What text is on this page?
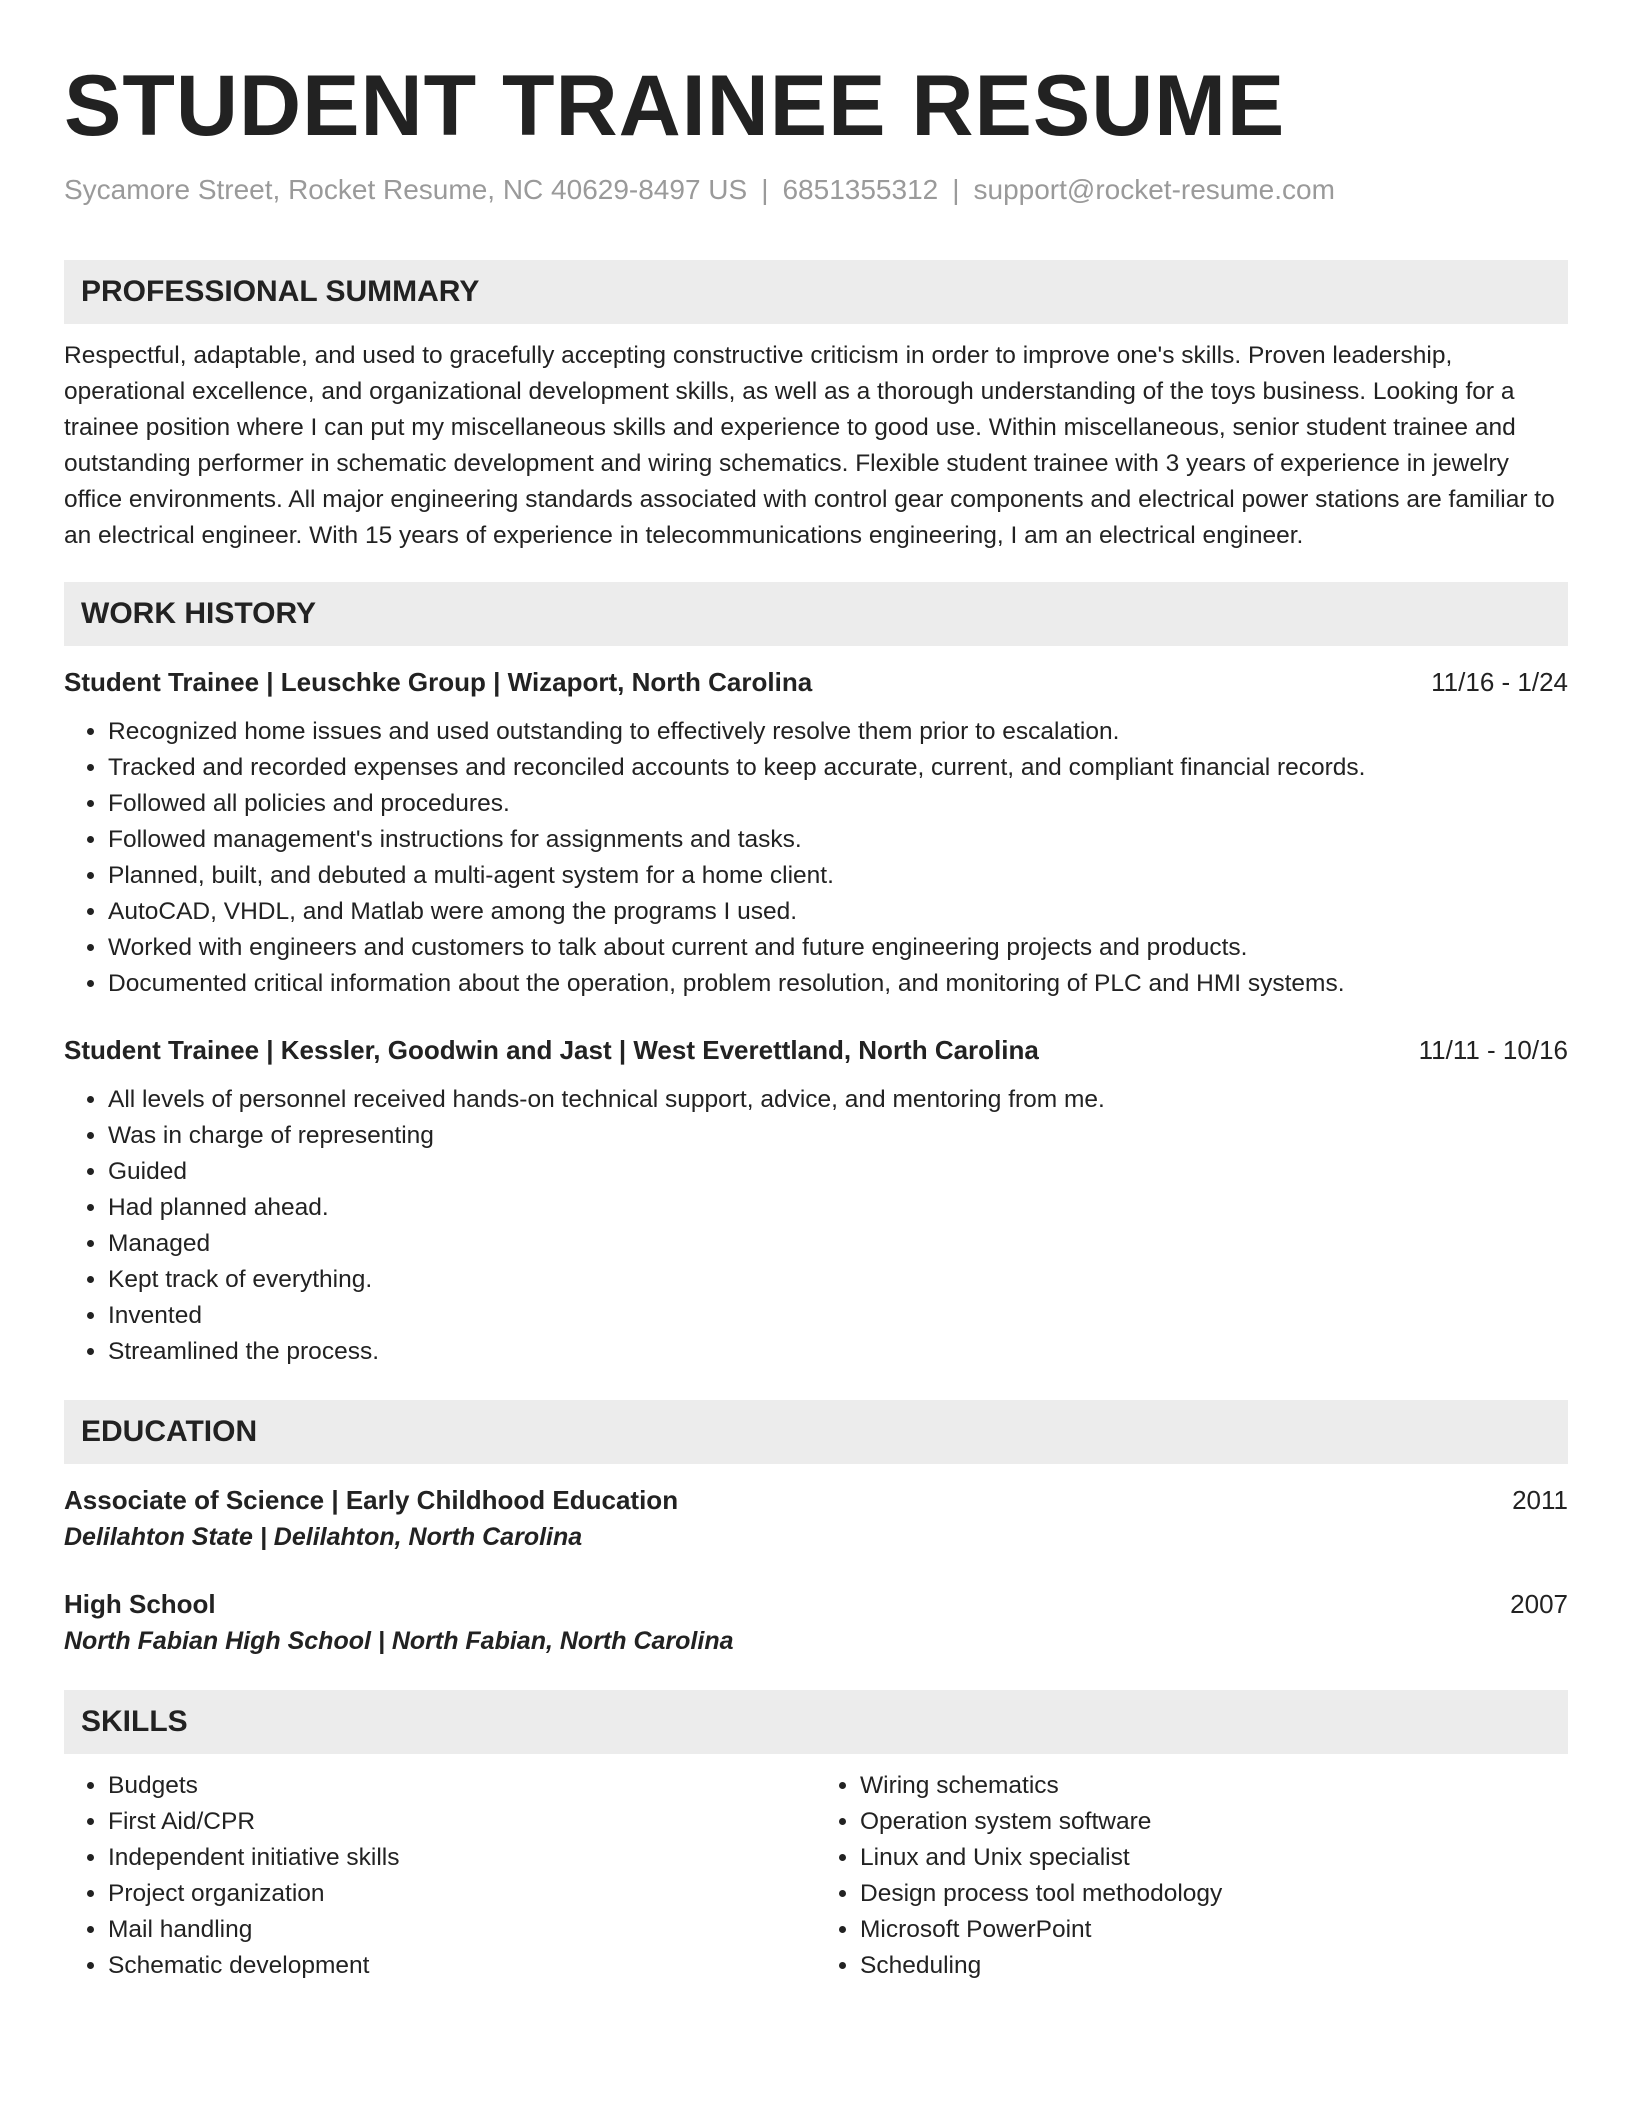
STUDENT TRAINEE RESUME
Sycamore Street, Rocket Resume, NC 40629-8497 US | 6851355312 | support@rocket-resume.com
PROFESSIONAL SUMMARY
Respectful, adaptable, and used to gracefully accepting constructive criticism in order to improve one's skills. Proven leadership, operational excellence, and organizational development skills, as well as a thorough understanding of the toys business. Looking for a trainee position where I can put my miscellaneous skills and experience to good use. Within miscellaneous, senior student trainee and outstanding performer in schematic development and wiring schematics. Flexible student trainee with 3 years of experience in jewelry office environments. All major engineering standards associated with control gear components and electrical power stations are familiar to an electrical engineer. With 15 years of experience in telecommunications engineering, I am an electrical engineer.
WORK HISTORY
Student Trainee | Leuschke Group | Wizaport, North Carolina	11/16 - 1/24
• Recognized home issues and used outstanding to effectively resolve them prior to escalation.
• Tracked and recorded expenses and reconciled accounts to keep accurate, current, and compliant financial records.
• Followed all policies and procedures.
• Followed management's instructions for assignments and tasks.
• Planned, built, and debuted a multi-agent system for a home client.
• AutoCAD, VHDL, and Matlab were among the programs I used.
• Worked with engineers and customers to talk about current and future engineering projects and products.
• Documented critical information about the operation, problem resolution, and monitoring of PLC and HMI systems.
Student Trainee | Kessler, Goodwin and Jast | West Everettland, North Carolina	11/11 - 10/16
• All levels of personnel received hands-on technical support, advice, and mentoring from me.
• Was in charge of representing
• Guided
• Had planned ahead.
• Managed
• Kept track of everything.
• Invented
• Streamlined the process.
EDUCATION
Associate of Science | Early Childhood Education	2011
Delilahton State | Delilahton, North Carolina
High School	2007
North Fabian High School | North Fabian, North Carolina
SKILLS
• Budgets
• First Aid/CPR
• Independent initiative skills
• Project organization
• Mail handling
• Schematic development
• Wiring schematics
• Operation system software
• Linux and Unix specialist
• Design process tool methodology
• Microsoft PowerPoint
• Scheduling
